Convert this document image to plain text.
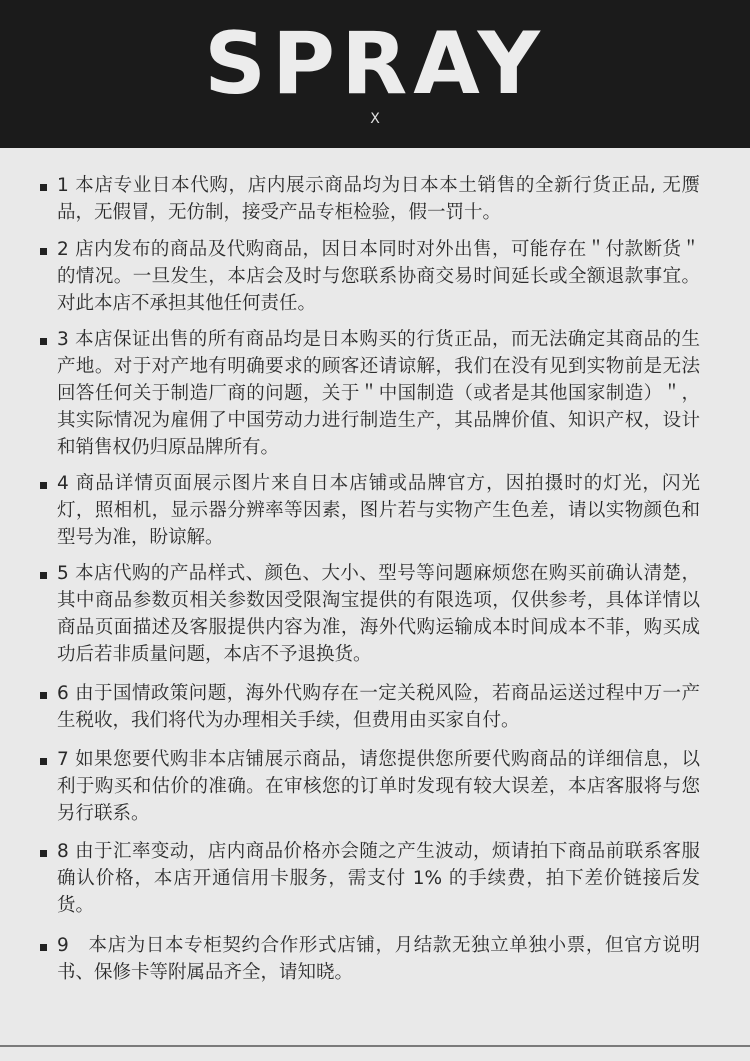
SPRAY
X
1 本店专业日本代购，店内展示商品均为日本本土销售的全新行货正品, 无赝品，无假冒，无仿制，接受产品专柜检验，假一罚十。
2 店内发布的商品及代购商品，因日本同时对外出售，可能存在＂付款断货＂的情况。一旦发生，本店会及时与您联系协商交易时间延长或全额退款事宜。对此本店不承担其他任何责任。
3 本店保证出售的所有商品均是日本购买的行货正品，而无法确定其商品的生产地。对于对产地有明确要求的顾客还请谅解，我们在没有见到实物前是无法回答任何关于制造厂商的问题，关于＂中国制造（或者是其他国家制造）＂，其实际情况为雇佣了中国劳动力进行制造生产，其品牌价值、知识产权，设计和销售权仍归原品牌所有。
4 商品详情页面展示图片来自日本店铺或品牌官方，因拍摄时的灯光，闪光灯，照相机，显示器分辨率等因素，图片若与实物产生色差，请以实物颜色和型号为准，盼谅解。
5 本店代购的产品样式、颜色、大小、型号等问题麻烦您在购买前确认清楚，其中商品参数页相关参数因受限淘宝提供的有限选项，仅供参考，具体详情以商品页面描述及客服提供内容为准，海外代购运输成本时间成本不菲，购买成功后若非质量问题，本店不予退换货。
6 由于国情政策问题，海外代购存在一定关税风险，若商品运送过程中万一产生税收，我们将代为办理相关手续，但费用由买家自付。
7 如果您要代购非本店铺展示商品，请您提供您所要代购商品的详细信息，以利于购买和估价的准确。在审核您的订单时发现有较大误差，本店客服将与您另行联系。
8 由于汇率变动，店内商品价格亦会随之产生波动，烦请拍下商品前联系客服确认价格，本店开通信用卡服务，需支付 1% 的手续费，拍下差价链接后发货。
9　本店为日本专柜契约合作形式店铺，月结款无独立单独小票，但官方说明书、保修卡等附属品齐全，请知晓。
